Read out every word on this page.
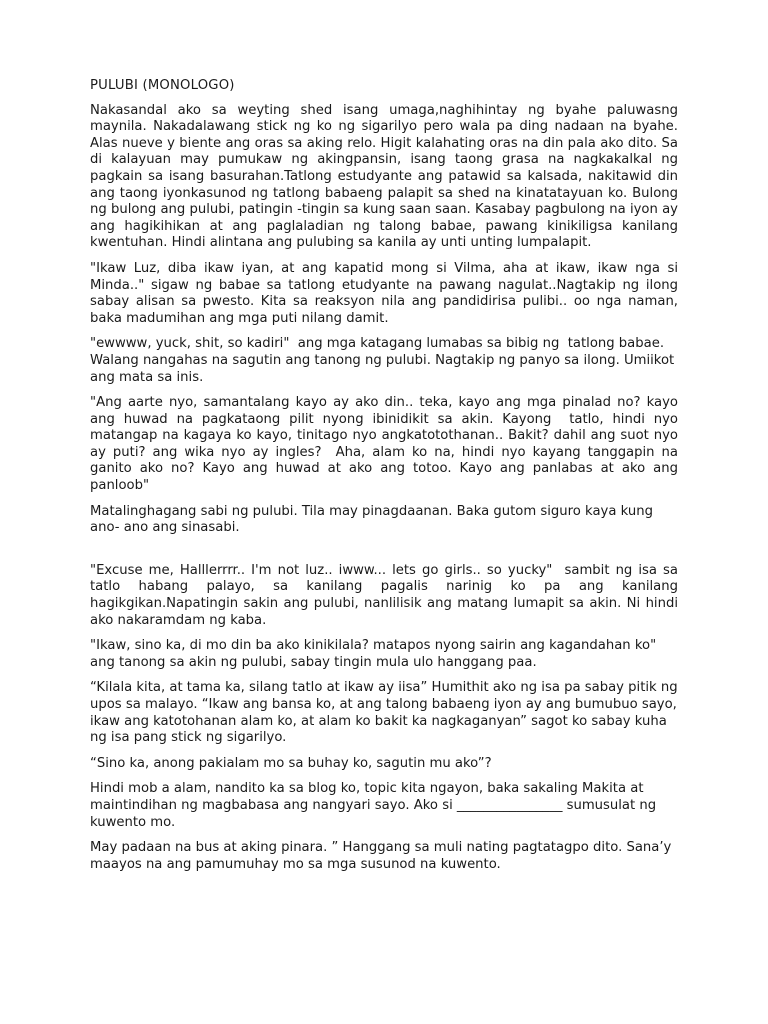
PULUBI (MONOLOGO)

Nakasandal ako sa weyting shed isang umaga,naghihintay ng byahe paluwasng maynila. Nakadalawang stick ng ko ng sigarilyo pero wala pa ding nadaan na byahe. Alas nueve y biente ang oras sa aking relo. Higit kalahating oras na din pala ako dito. Sa di kalayuan may pumukaw ng akingpansin, isang taong grasa na nagkakalkal ng pagkain sa isang basurahan.Tatlong estudyante ang patawid sa kalsada, nakitawid din ang taong iyonkasunod ng tatlong babaeng palapit sa shed na kinatatayuan ko. Bulong ng bulong ang pulubi, patingin -tingin sa kung saan saan. Kasabay pagbulong na iyon ay ang hagikihikan at ang paglaladian ng talong babae, pawang kinikiligsa kanilang kwentuhan. Hindi alintana ang pulubing sa kanila ay unti unting lumpalapit.

"Ikaw Luz, diba ikaw iyan, at ang kapatid mong si Vilma, aha at ikaw, ikaw nga si Minda.." sigaw ng babae sa tatlong etudyante na pawang nagulat..Nagtakip ng ilong sabay alisan sa pwesto. Kita sa reaksyon nila ang pandidirisa pulibi.. oo nga naman, baka madumihan ang mga puti nilang damit.

"ewwww, yuck, shit, so kadiri"  ang mga katagang lumabas sa bibig ng  tatlong babae. Walang nangahas na sagutin ang tanong ng pulubi. Nagtakip ng panyo sa ilong. Umiikot ang mata sa inis.

"Ang aarte nyo, samantalang kayo ay ako din.. teka, kayo ang mga pinalad no? kayo ang huwad na pagkataong pilit nyong ibinidikit sa akin. Kayong  tatlo, hindi nyo matangap na kagaya ko kayo, tinitago nyo angkatotothanan.. Bakit? dahil ang suot nyo ay puti? ang wika nyo ay ingles?  Aha, alam ko na, hindi nyo kayang tanggapin na ganito ako no? Kayo ang huwad at ako ang totoo. Kayo ang panlabas at ako ang panloob"

Matalinghagang sabi ng pulubi. Tila may pinagdaanan. Baka gutom siguro kaya kung ano- ano ang sinasabi.

"Excuse me, Halllerrrr.. I'm not luz.. iwww... lets go girls.. so yucky"  sambit ng isa sa tatlo habang palayo, sa kanilang pagalis narinig ko pa ang kanilang hagikgikan.Napatingin sakin ang pulubi, nanlilisik ang matang lumapit sa akin. Ni hindi ako nakaramdam ng kaba.

"Ikaw, sino ka, di mo din ba ako kinikilala? matapos nyong sairin ang kagandahan ko" ang tanong sa akin ng pulubi, sabay tingin mula ulo hanggang paa.

“Kilala kita, at tama ka, silang tatlo at ikaw ay iisa” Humithit ako ng isa pa sabay pitik ng upos sa malayo. “Ikaw ang bansa ko, at ang talong babaeng iyon ay ang bumubuo sayo, ikaw ang katotohanan alam ko, at alam ko bakit ka nagkaganyan” sagot ko sabay kuha ng isa pang stick ng sigarilyo.

“Sino ka, anong pakialam mo sa buhay ko, sagutin mu ako”?

Hindi mob a alam, nandito ka sa blog ko, topic kita ngayon, baka sakaling Makita at maintindihan ng magbabasa ang nangyari sayo. Ako si ________________ sumusulat ng kuwento mo.

May padaan na bus at aking pinara. ” Hanggang sa muli nating pagtatagpo dito. Sana’y maayos na ang pamumuhay mo sa mga susunod na kuwento.
